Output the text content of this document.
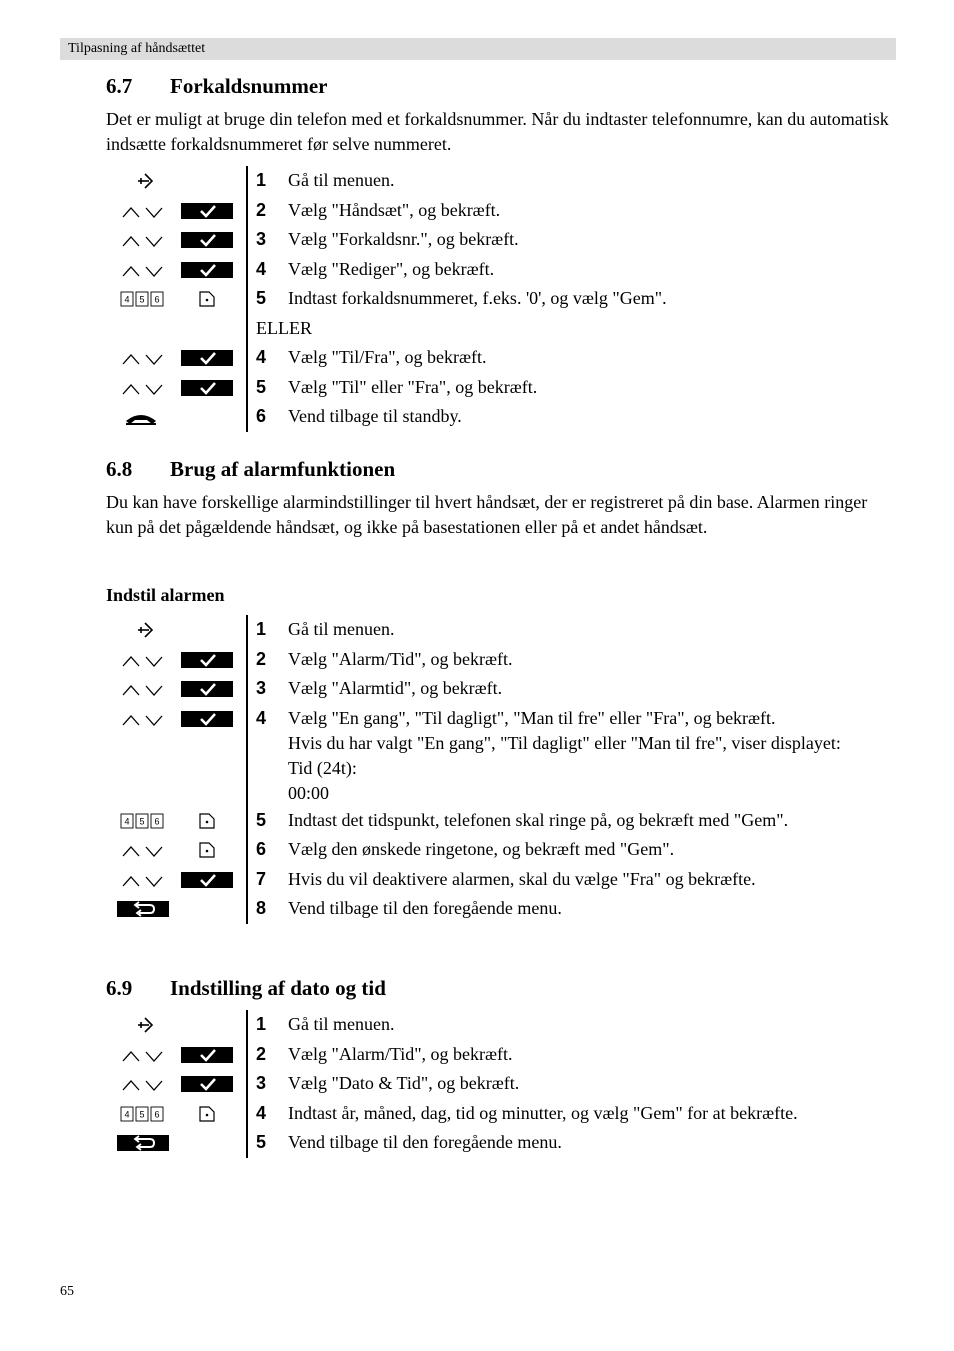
Tilpasning af håndsættet
6.7 Forkaldsnummer

Det er muligt at bruge din telefon med et forkaldsnummer. Når du indtaster telefonnumre, kan du automatisk indsætte forkaldsnummeret før selve nummeret.

1	Gå til menuen.
2	Vælg "Håndsæt", og bekræft.
3	Vælg "Forkaldsnr.", og bekræft.
4	Vælg "Rediger", og bekræft.
4 5 6	5	Indtast forkaldsnummeret, f.eks. '0', og vælg "Gem".
ELLER
4	Vælg "Til/Fra", og bekræft.
5	Vælg "Til" eller "Fra", og bekræft.
6	Vend tilbage til standby.
6.8 Brug af alarmfunktionen

Du kan have forskellige alarmindstillinger til hvert håndsæt, der er registreret på din base. Alarmen ringer kun på det pågældende håndsæt, og ikke på basestationen eller på et andet håndsæt.

Indstil alarmen

1	Gå til menuen.
2	Vælg "Alarm/Tid", og bekræft.
3	Vælg "Alarmtid", og bekræft.
4	Vælg "En gang", "Til dagligt", "Man til fre" eller "Fra", og bekræft.
Hvis du har valgt "En gang", "Til dagligt" eller "Man til fre", viser displayet:
Tid (24t):
00:00
4 5 6	5	Indtast det tidspunkt, telefonen skal ringe på, og bekræft med "Gem".
6	Vælg den ønskede ringetone, og bekræft med "Gem".
7	Hvis du vil deaktivere alarmen, skal du vælge "Fra" og bekræfte.
8	Vend tilbage til den foregående menu.
6.9 Indstilling af dato og tid
1	Gå til menuen.
2	Vælg "Alarm/Tid", og bekræft.
3	Vælg "Dato & Tid", og bekræft.
4 5 6	4	Indtast år, måned, dag, tid og minutter, og vælg "Gem" for at bekræfte.
5	Vend tilbage til den foregående menu.
65
